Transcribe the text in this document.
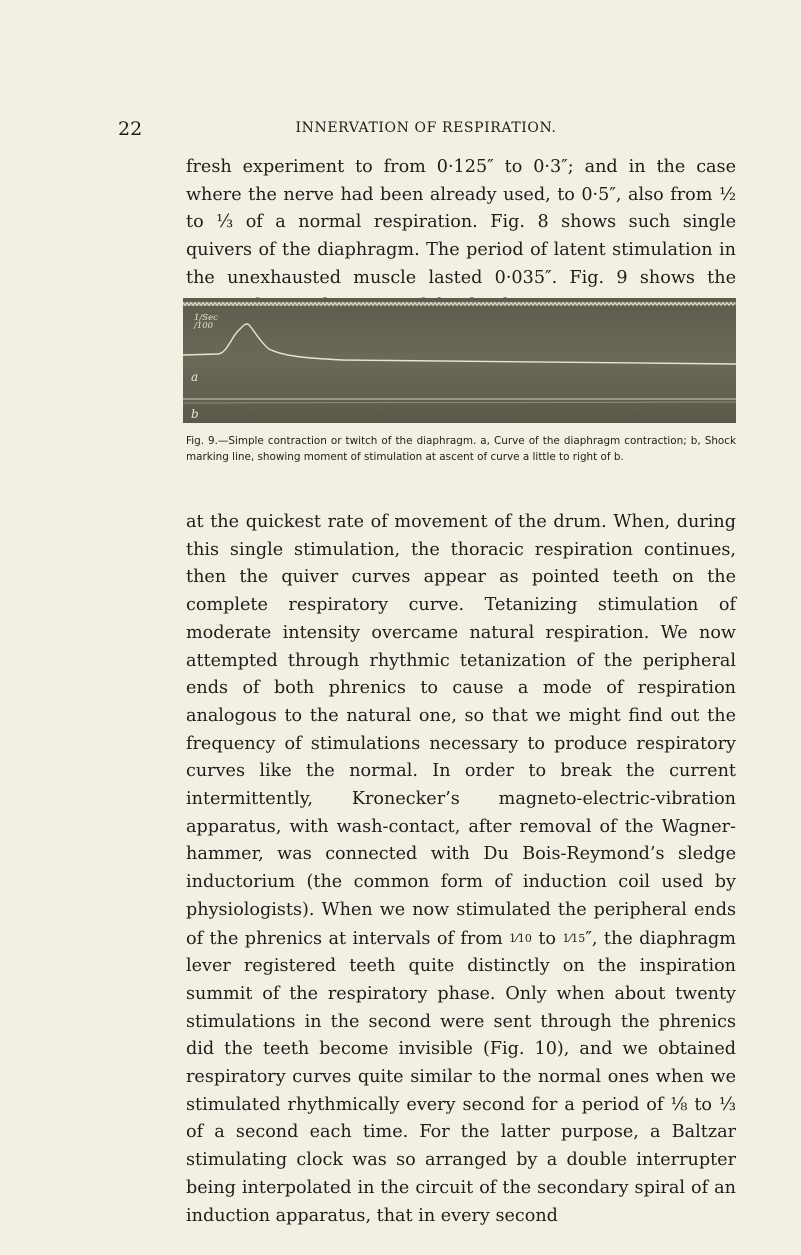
22	INNERVATION OF RESPIRATION.

fresh experiment to from 0·125″ to 0·3″; and in the case where the nerve had been already used, to 0·5″, also from ½ to ⅓ of a normal respiration. Fig. 8 shows such single quivers of the diaphragm. The period of latent stimulation in the unexhausted muscle lasted 0·035″. Fig. 9 shows the

1/Sec
/100
a
b

Fig. 9.—Simple contraction or twitch of the diaphragm. a, Curve of the diaphragm contraction; b, Shock marking line, showing moment of stimulation at ascent of curve a little to right of b.

at the quickest rate of movement of the drum. When, during this single stimulation, the thoracic respiration continues, then the quiver curves appear as pointed teeth on the complete respiratory curve. Tetanizing stimulation of moderate intensity overcame natural respiration. We now attempted through rhythmic tetanization of the peripheral ends of both phrenics to cause a mode of respiration analogous to the natural one, so that we might find out the frequency of stimulations necessary to produce respiratory curves like the normal. In order to break the current intermittently, Kronecker’s magneto-electric-vibration apparatus, with wash-contact, after removal of the Wagner-hammer, was connected with Du Bois-Reymond’s sledge inductorium (the common form of induction coil used by physiologists). When we now stimulated the peripheral ends of the phrenics at intervals of from 1⁄10 to 1⁄15″, the diaphragm lever registered teeth quite distinctly on the inspiration summit of the respiratory phase. Only when about twenty stimulations in the second were sent through the phrenics did the teeth become invisible (Fig. 10), and we obtained respiratory curves quite similar to the normal ones when we stimulated rhythmically every second for a period of ⅛ to ⅓ of a second each time. For the latter purpose, a Baltzar stimulating clock was so arranged by a double interrupter being interpolated in the circuit of the secondary spiral of an induction apparatus, that in every second
